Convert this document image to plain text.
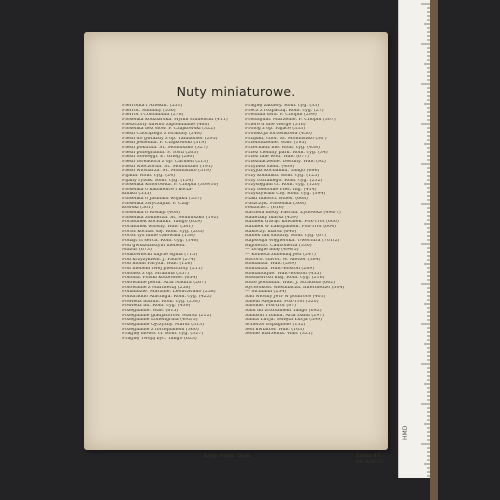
Nuty miniaturowe.
Pierrotka i Arlekin. (551)
Pierrot. Shimmy (536)
Pierrot i Colombina (278)
Piosenka kodziarska. Hymn studencki (411)
Pieszczoty dawno zapomniane (468)
Piosenka bez słów. P. Czajkowski (322)
Pieśń Chorążego z Hrabiny (248)
Pieśń do gwiazdy z op. Tanhäuser (295)
Pieśń jesienna. P. Czajkowski (319)
Pieśń pokutna. St. Moniuszko (327)
Pieśń pożegnania. P. Tosti (263)
Pieśń Solwejgi. E. Grieg (280)
Pieśń toreadora z op. Carmen (213)
Pieśń wieczorna. St. Moniuszko (191)
Pieśń wioślarza. St. Moniuszko (319)
Pijana. Rom. cyg. (24)
Pijany rybak. Rom. cyg. (124)
Piosenka Kolorówka. F. Chopin (309/10)
Piosenka o kabaleńce i kocia-
kiniku (555)
Piosenka o Jasiniku wojaku (557)
Piosenka zwyczajna. P. Czaj-
kowski (501)
Piosenka o Rosalji (408)
Piosenka żołnierza. St. Moniuszko (192)
Pocałunek kochanki. Tango (629)
Pocałunek wiosny. Walc (581)
Pocóż kochać się. Rom. cyg. (205)
Pocóż tyś mnie całowała (138)
Podajt ci serca. Rom. cyg. (148)
Pod gwiaździstym niebem.
Mazur (673)
Podkowiecki dajcie ognia (715)
Pod krzyżykiem. J. Faure (274)
Pod moim Paryża. Walc (126)
Pod niebem twej pieszczoty (211)
Polonez z op. Hrabina (357)
Polonia. Polski kotbowiec (654)
Polowanie perła. Aria Nadira (267)
Polowanie z Marinettą (258)
Ponaddzie. Marznie. Leoncavallo (258)
Ponuraddo Alacinga. Rom. cyg. (422)
Powiedz matuli. Rom. cyg. (238)
Powiedz mi. Rom. cyg. (439)
Pożegnanie. Walc (615)
Pożegnanie gladjatorów. Marsz (212)
Pożegnanie Lohengrina (492/3)
Pożegnanie Ojczyzny. Marsz (313)
Pożegnanie z fortepianem (360)
Pragnę mówić ci. Rom. cyg. (327)
Pragnę Twoją być. Tango (623)
Pragnę zabawy. Rom. cyg. (33)
Precz z rozpaczą. Rom. cyg. (27)
Preludia dwa. F. Chopin (299)
Preludjum. Marzenie. F. Chopin (307)
Prière d'une vierge (316)
Prolog z op. Pajace (333)
Protekcja fortesikowa (450)
Prządki, chór. St. Moniuszko (36 )
Przebudzenie. Walc (195)
Przechadz nie. Rom. cyg. (438)
Przez ciemny park. Rom. cyg. (34)
Przez fale wód. Walc (677)
Przeznaczenie. Destiny. Walc (92)
Przybież sieni. (409)
Przyjdź kochanku. Tango (686)
Przy kominku. Rom. cyg. (125)
Przy rożtanego. Rom. cyg. (232)
Przysięgam ci. Rom. cyg. (120)
Przy telefonie Pies. Ing. (414)
Przyszywam Cię. Rom. cyg. (394)
Ptaki miłości. Blues. (668)
Puszczyk. Piosenka (368)
Pedzicie... (616)
Rachela kiedy Pascha. Żydówka (496/7)
Radetzky marsz (459)
Rafałek tracąc kawałek. Fox-Trot (600)
Rafałek w Zakopanem. Fox-Trot (604)
Rakoczy. marsz (640)
Ranek tak smutny. Rom. cyg. (67)
Rapsodja Węgierska. Uwertura (701/2)
Rigoletto. Canzonetta (330)
— Drugie imię (494/5)
— Kobieta zmienną jest (247)
Rococo. Gavot. W. Aletter (384)
Romanza. Walc (289)
Romanza. Walc-Boston (289)
Romantique. Walc-Boston (455)
Rosdawroźi maj. Rom. cyg. (216)
Róże południa. Walc J. Straussa (662)
Rycerskość wieśniacza. Intermezzo (304)
— Siciliana (254)
Sad wiosny Jetv w pomroce (401)
Salem Alejkum. Fox-Trot (520)
Salome. Fox-trot (87)
Sam mi zrozumiem Tango (692)
Samson i Dalila. Aria Dalili (297)
Santa Lucja. Święta Łucja (599)
Scherzo Espagnole (132)
Sen kwiatów. Walc (163)
Senne marzenia. Walc (321)
Koop. Przez. Druk.	Zielna 47, tel. 619-57
HMD
